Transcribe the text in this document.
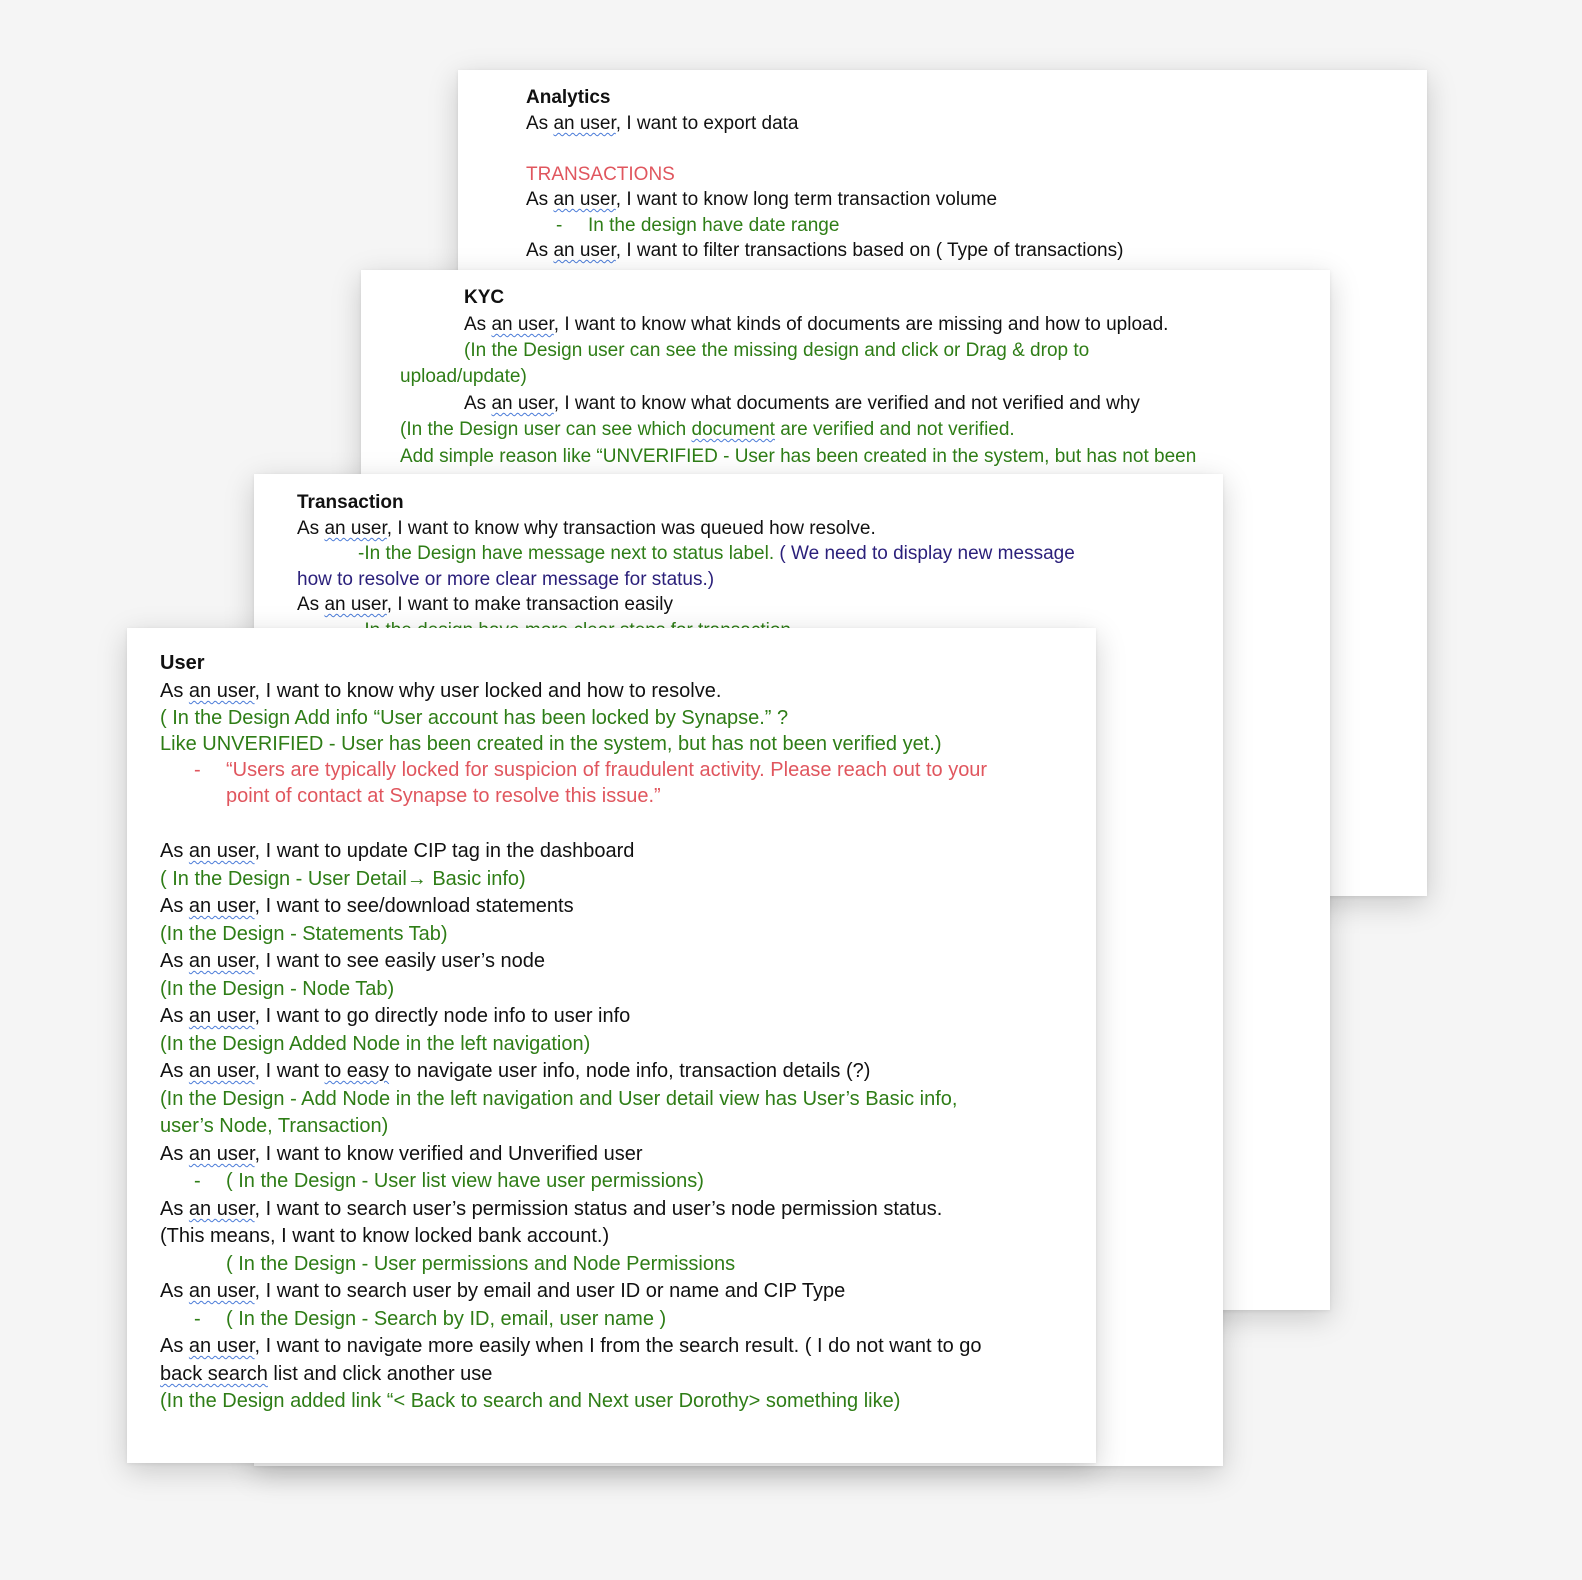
Analytics
As an user, I want to export data
TRANSACTIONS
As an user, I want to know long term transaction volume
- In the design have date range
As an user, I want to filter transactions based on ( Type of transactions)
KYC
As an user, I want to know what kinds of documents are missing and how to upload.
(In the Design user can see the missing design and click or Drag & drop to
upload/update)
As an user, I want to know what documents are verified and not verified and why
(In the Design user can see which document are verified and not verified.
Add simple reason like “UNVERIFIED - User has been created in the system, but has not been
Transaction
As an user, I want to know why transaction was queued how resolve.
-In the Design have message next to status label. ( We need to display new message
how to resolve or more clear message for status.)
As an user, I want to make transaction easily
User
As an user, I want to know why user locked and how to resolve.
( In the Design Add info “User account has been locked by Synapse.” ?
Like UNVERIFIED - User has been created in the system, but has not been verified yet.)
- “Users are typically locked for suspicion of fraudulent activity. Please reach out to your
point of contact at Synapse to resolve this issue.”
As an user, I want to update CIP tag in the dashboard
( In the Design - User Detail→ Basic info)
As an user, I want to see/download statements
(In the Design - Statements Tab)
As an user, I want to see easily user’s node
(In the Design - Node Tab)
As an user, I want to go directly node info to user info
(In the Design Added Node in the left navigation)
As an user, I want to easy to navigate user info, node info, transaction details (?)
(In the Design - Add Node in the left navigation and User detail view has User’s Basic info,
user’s Node, Transaction)
As an user, I want to know verified and Unverified user
- ( In the Design - User list view have user permissions)
As an user, I want to search user’s permission status and user’s node permission status.
(This means, I want to know locked bank account.)
( In the Design - User permissions and Node Permissions
As an user, I want to search user by email and user ID or name and CIP Type
- ( In the Design - Search by ID, email, user name )
As an user, I want to navigate more easily when I from the search result. ( I do not want to go
back search list and click another use
(In the Design added link “< Back to search and Next user Dorothy> something like)
